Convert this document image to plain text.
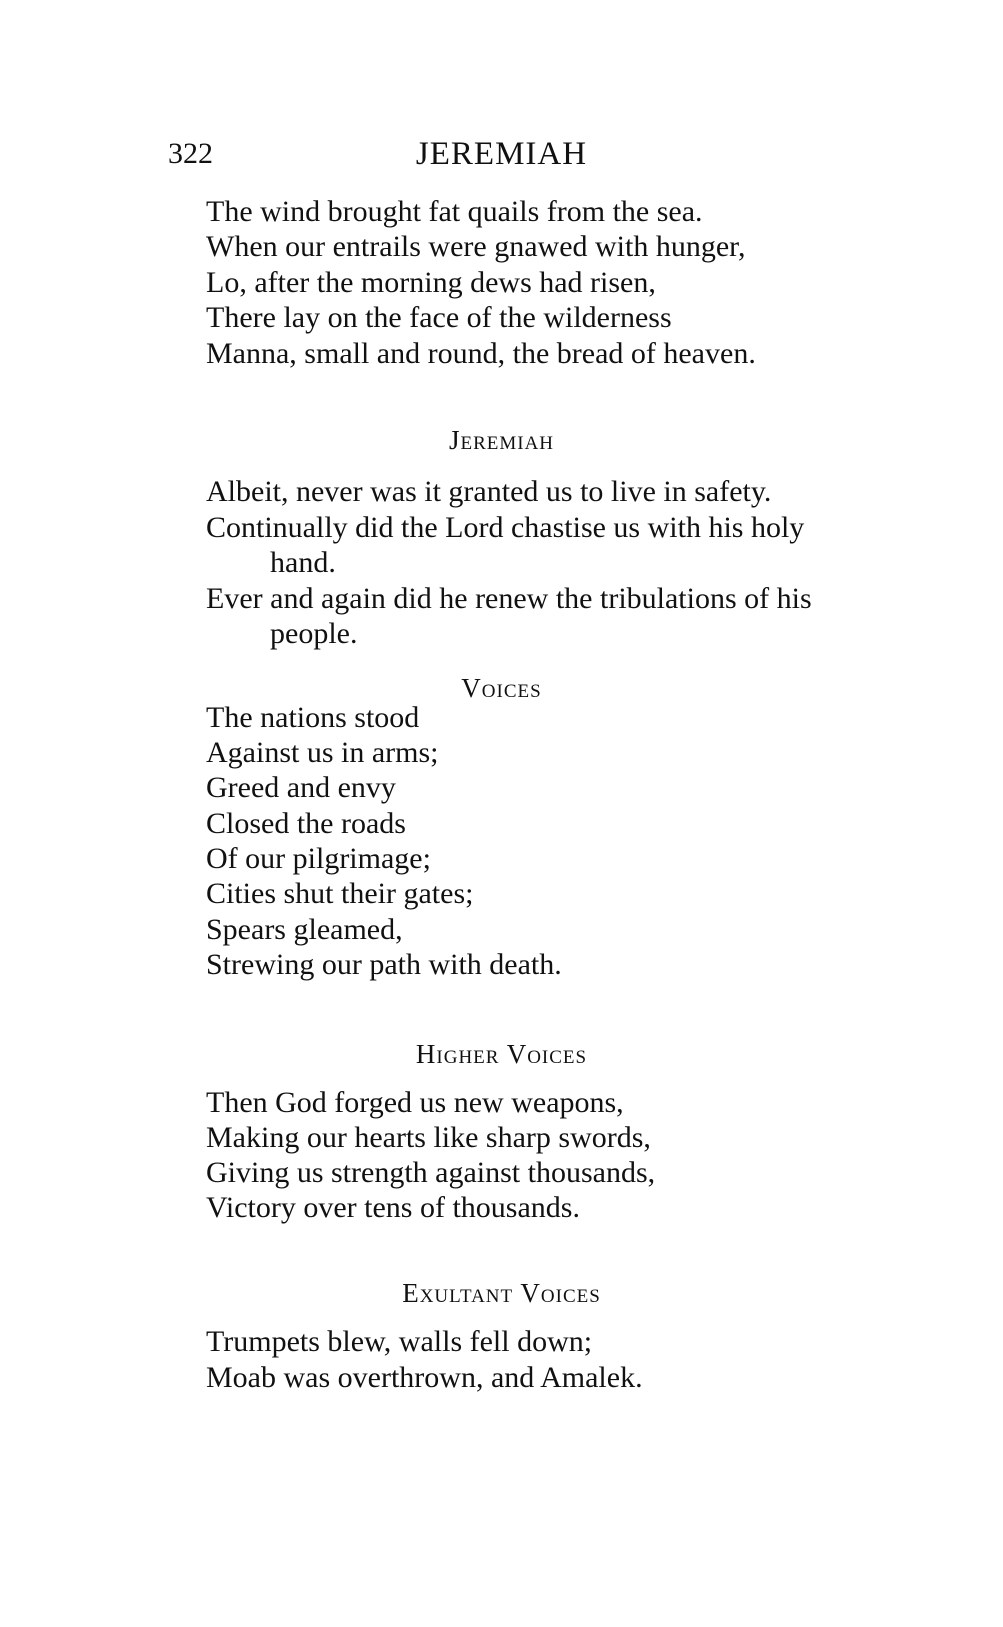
322	JEREMIAH
The wind brought fat quails from the sea.
When our entrails were gnawed with hunger,
Lo, after the morning dews had risen,
There lay on the face of the wilderness
Manna, small and round, the bread of heaven.
Jeremiah
Albeit, never was it granted us to live in safety.
Continually did the Lord chastise us with his holy
hand.
Ever and again did he renew the tribulations of his
people.
Voices
The nations stood
Against us in arms;
Greed and envy
Closed the roads
Of our pilgrimage;
Cities shut their gates;
Spears gleamed,
Strewing our path with death.
Higher Voices
Then God forged us new weapons,
Making our hearts like sharp swords,
Giving us strength against thousands,
Victory over tens of thousands.
Exultant Voices
Trumpets blew, walls fell down;
Moab was overthrown, and Amalek.
